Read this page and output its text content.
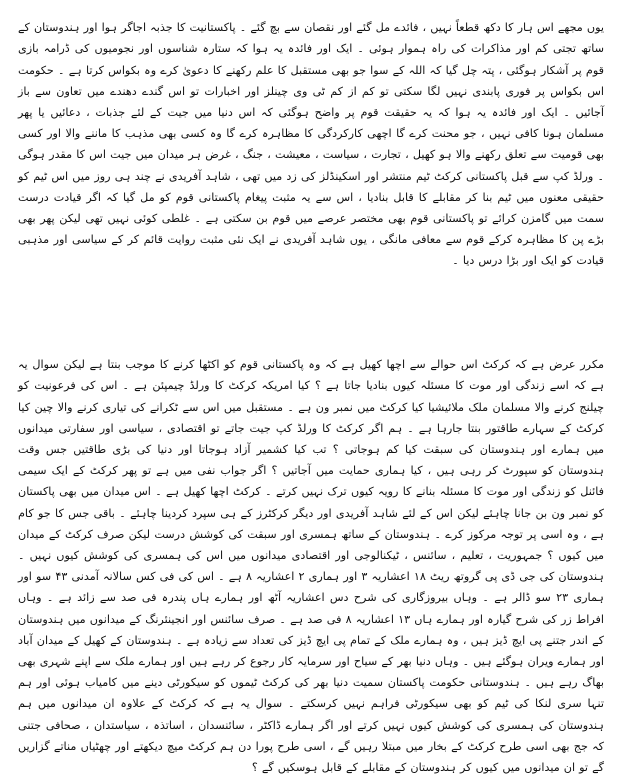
یوں مجھے اس ہار کا دکھ قطعاً نہیں ، فائدے مل گئے اور نقصان سے بچ گئے ۔ پاکستانیت کا جذبہ اجاگر ہوا اور ہندوستان کے ساتھ تجتی کم اور مذاکرات کی راہ ہموار ہوئی ۔ ایک اور فائدہ یہ ہوا کہ ستارہ شناسوں اور نجومیوں کی ڈرامہ بازی قوم پر آشکار ہوگئی ، پتہ چل گیا کہ اللہ کے سوا جو بھی مستقبل کا علم رکھنے کا دعویٰ کرے وہ بکواس کرتا ہے ۔ حکومت اس بکواس پر فوری پابندی نہیں لگا سکتی تو کم از کم ٹی وی چینلز اور اخبارات تو اس گندے دھندے میں تعاون سے باز آجائیں ۔ ایک اور فائدہ یہ ہوا کہ یہ حقیقت قوم پر واضح ہوگئی کہ اس دنیا میں جیت کے لئے جذبات ، دعائیں یا پھر مسلمان ہونا کافی نہیں ، جو محنت کرے گا اچھی کارکردگی کا مظاہرہ کرے گا وہ کسی بھی مذہب کا ماننے والا اور کسی بھی قومیت سے تعلق رکھنے والا ہو کھیل ، تجارت ، سیاست ، معیشت ، جنگ ، غرض ہر میدان میں جیت اس کا مقدر ہوگی ۔ ورلڈ کپ سے قبل پاکستانی کرکٹ ٹیم منتشر اور اسکینڈلز کی زد میں تھی ، شاہد آفریدی نے چند ہی روز میں اس ٹیم کو حقیقی معنوں میں ٹیم بنا کر مقابلے کا قابل بنادیا ، اس سے یہ مثبت پیغام پاکستانی قوم کو مل گیا کہ اگر قیادت درست سمت میں گامزن کرائے تو پاکستانی قوم بھی مختصر عرصے میں قوم بن سکتی ہے ۔ غلطی کوئی نہیں تھی لیکن پھر بھی بڑے پن کا مظاہرہ کرکے قوم سے معافی مانگی ، یوں شاہد آفریدی نے ایک نئی مثبت روایت قائم کر کے سیاسی اور مذہبی قیادت کو ایک اور بڑا درس دیا ۔

مکرر عرض ہے کہ کرکٹ اس حوالے سے اچھا کھیل ہے کہ وہ پاکستانی قوم کو اکٹھا کرنے کا موجب بنتا ہے لیکن سوال یہ ہے کہ اسے زندگی اور موت کا مسئلہ کیوں بنادیا جاتا ہے ؟ کیا امریکہ کرکٹ کا ورلڈ چیمپئن ہے ۔ اس کی فرعونیت کو چیلنج کرنے والا مسلمان ملک ملائیشیا کیا کرکٹ میں نمبر ون ہے ۔ مستقبل میں اس سے ٹکرانے کی تیاری کرنے والا چین کیا کرکٹ کے سہارے طاقتور بنتا جارہا ہے ۔ ہم اگر کرکٹ کا ورلڈ کپ جیت جاتے تو اقتصادی ، سیاسی اور سفارتی میدانوں میں ہمارے اور ہندوستان کی سبقت کیا کم ہوجاتی ؟ تب کیا کشمیر آزاد ہوجاتا اور دنیا کی بڑی طاقتیں جس وقت ہندوستان کو سپورٹ کر رہی ہیں ، کیا ہماری حمایت میں آجاتیں ؟ اگر جواب نفی میں ہے تو پھر کرکٹ کے ایک سیمی فائنل کو زندگی اور موت کا مسئلہ بنانے کا رویہ کیوں ترک نہیں کرتے ۔ کرکٹ اچھا کھیل ہے ۔ اس میدان میں بھی پاکستان کو نمبر ون بن جانا چاہئے لیکن اس کے لئے شاہد آفریدی اور دیگر کرکٹرز کے ہی سپرد کردینا چاہئے ۔ باقی جس کا جو کام ہے ، وہ اسی پر توجہ مرکوز کرے ۔ ہندوستان کے ساتھ ہمسری اور سبقت کی کوشش درست لیکن صرف کرکٹ کے میدان میں کیوں ؟ جمہوریت ، تعلیم ، سائنس ، ٹیکنالوجی اور اقتصادی میدانوں میں اس کی ہمسری کی کوشش کیوں نہیں ۔ ہندوستان کی جی ڈی پی گروتھ ریٹ ۱۸ اعشاریہ ۳ اور ہماری ۲ اعشاریہ ۸ ہے ۔ اس کی فی کس سالانہ آمدنی ۴۳ سو اور ہماری ۲۳ سو ڈالر ہے ۔ وہاں بیروزگاری کی شرح دس اعشاریہ آٹھ اور ہمارے ہاں پندرہ فی صد سے زائد ہے ۔ وہاں افراط زر کی شرح گیارہ اور ہمارے ہاں ۱۳ اعشاریہ ۸ فی صد ہے ۔ صرف سائنس اور انجینئرنگ کے میدانوں میں ہندوستان کے اندر جتنے پی ایچ ڈیز ہیں ، وہ ہمارے ملک کے تمام پی ایچ ڈیز کی تعداد سے زیادہ ہے ۔ ہندوستان کے کھیل کے میدان آباد اور ہمارے ویران ہوگئے ہیں ۔ وہاں دنیا بھر کے سیاح اور سرمایہ کار رجوع کر رہے ہیں اور ہمارے ملک سے اپنے شہری بھی بھاگ رہے ہیں ۔ ہندوستانی حکومت پاکستان سمیت دنیا بھر کی کرکٹ ٹیموں کو سیکورٹی دینے میں کامیاب ہوئی اور ہم تنہا سری لنکا کی ٹیم کو بھی سیکورٹی فراہم نہیں کرسکتے ۔ سوال یہ ہے کہ کرکٹ کے علاوہ ان میدانوں میں ہم ہندوستان کی ہمسری کی کوشش کیوں نہیں کرتے اور اگر ہمارے ڈاکٹر ، سائنسدان ، اساتذہ ، سیاستدان ، صحافی جتنی کہ جج بھی اسی طرح کرکٹ کے بخار میں مبتلا رہیں گے ، اسی طرح پورا دن ہم کرکٹ میچ دیکھتے اور چھٹیاں مناتے گزاریں گے تو ان میدانوں میں کیوں کر ہندوستان کے مقابلے کے قابل ہوسکیں گے ؟
